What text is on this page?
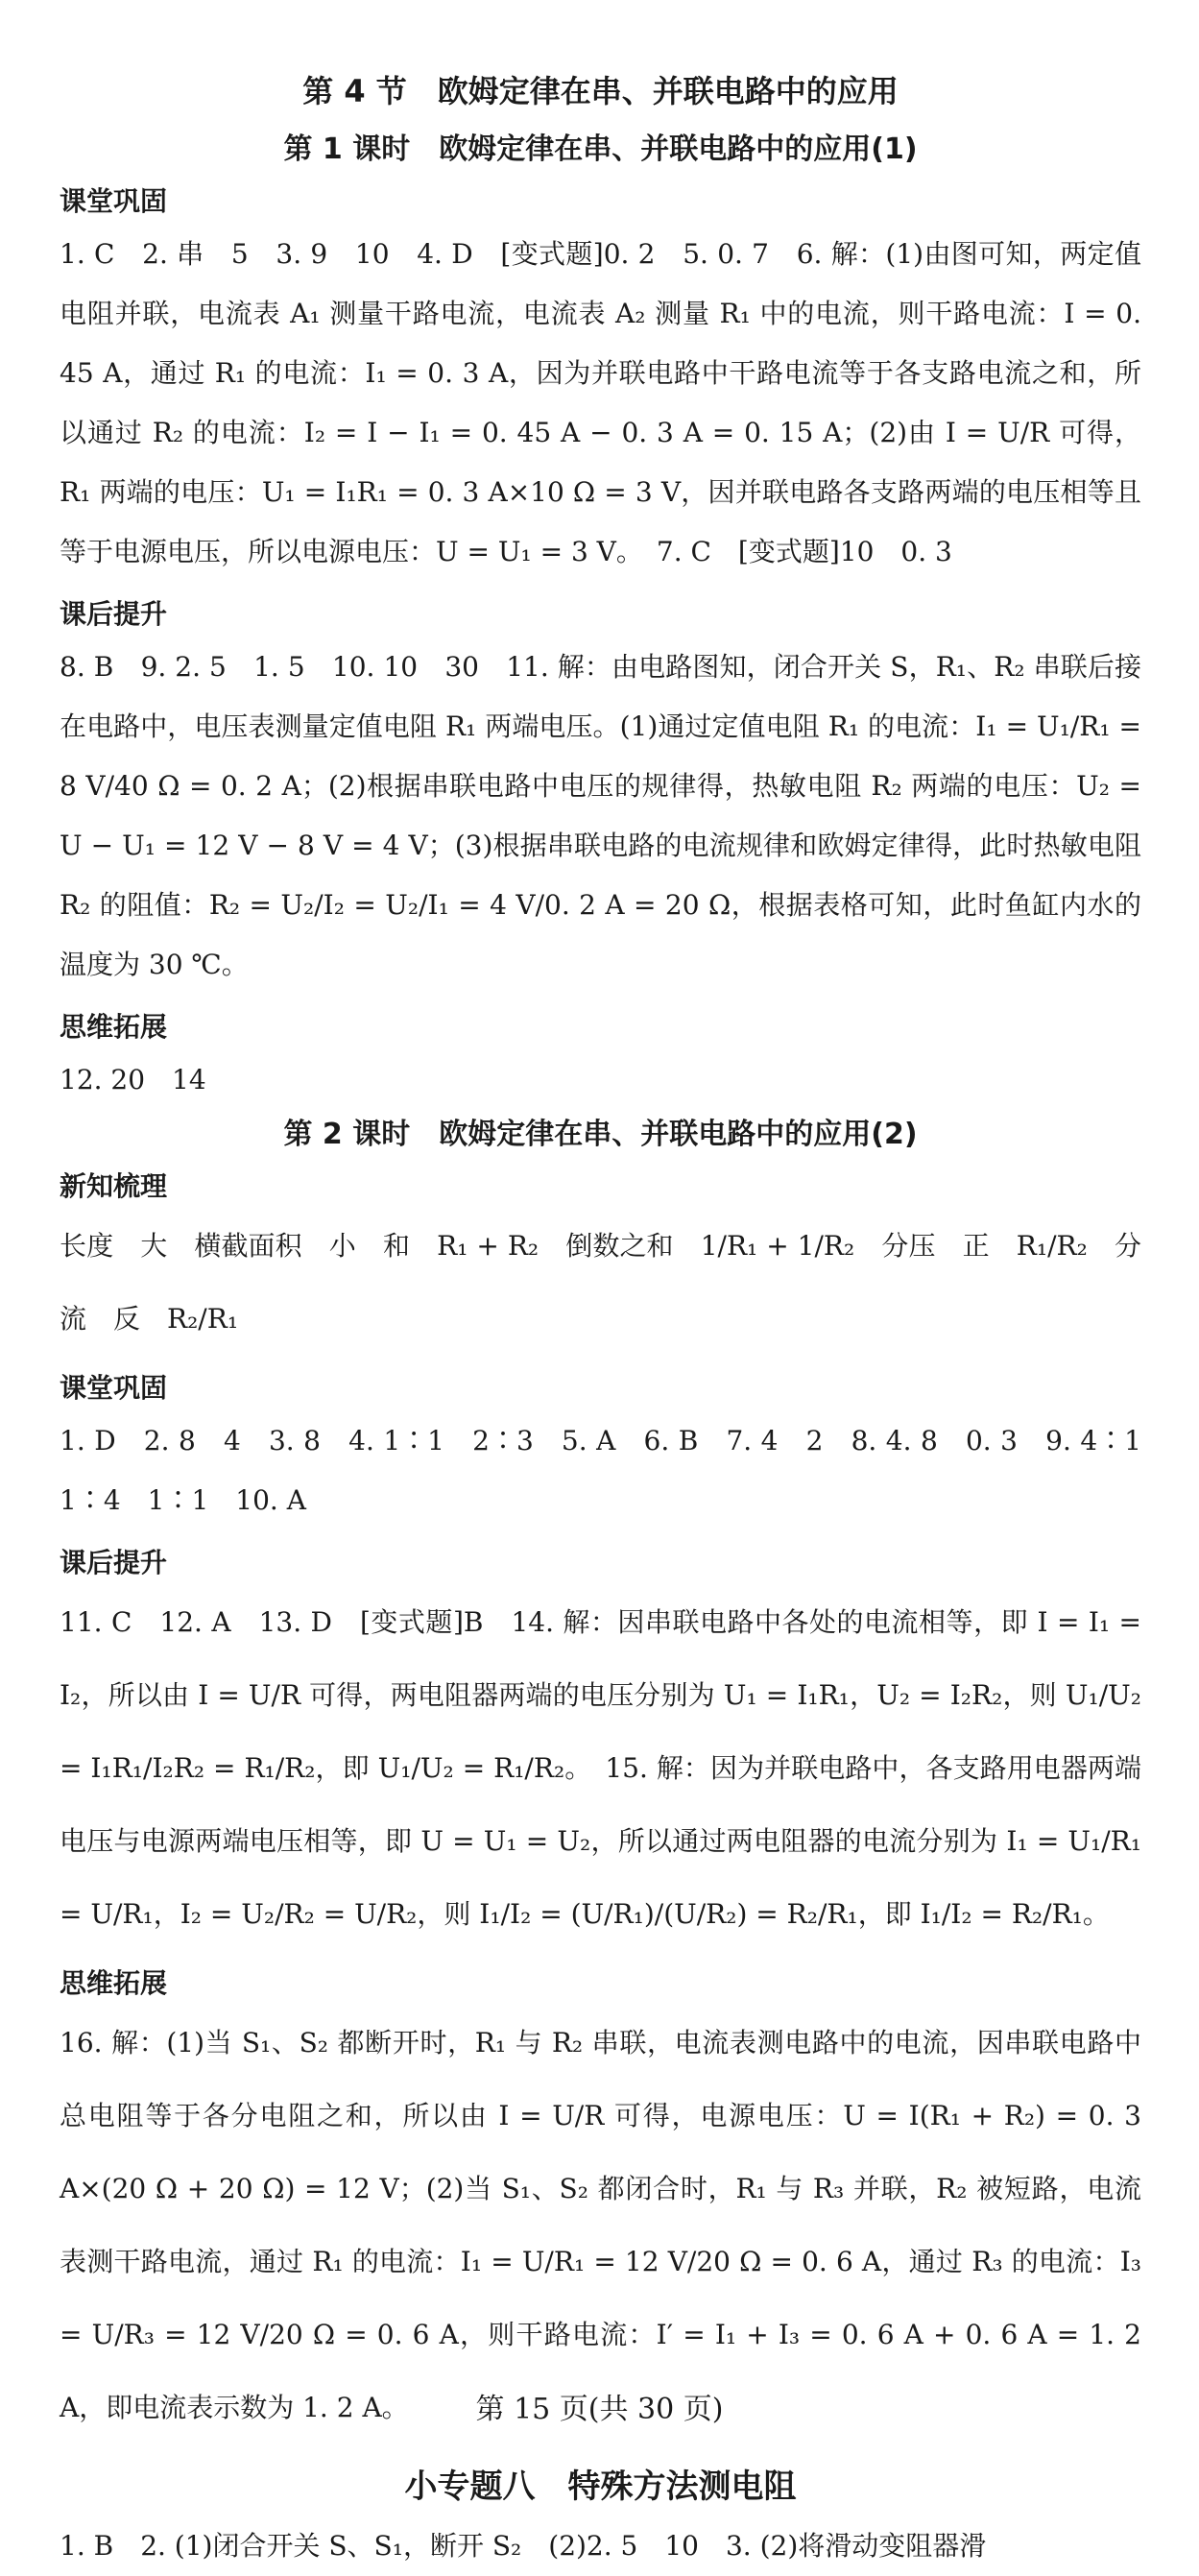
第 4 节　欧姆定律在串、并联电路中的应用
第 1 课时　欧姆定律在串、并联电路中的应用(1)
课堂巩固

1. C　2. 串　5　3. 9　10　4. D　[变式题]0. 2　5. 0. 7　6. 解：(1)由图可知，两定值电阻并联，电流表 A₁ 测量干路电流，电流表 A₂ 测量 R₁ 中的电流，则干路电流：I = 0. 45 A，通过 R₁ 的电流：I₁ = 0. 3 A，因为并联电路中干路电流等于各支路电流之和，所以通过 R₂ 的电流：I₂ = I − I₁ = 0. 45 A − 0. 3 A = 0. 15 A；(2)由 I = U/R 可得，R₁ 两端的电压：U₁ = I₁R₁ = 0. 3 A×10 Ω = 3 V，因并联电路各支路两端的电压相等且等于电源电压，所以电源电压：U = U₁ = 3 V。　7. C　[变式题]10　0. 3

课后提升

8. B　9. 2. 5　1. 5　10. 10　30　11. 解：由电路图知，闭合开关 S，R₁、R₂ 串联后接在电路中，电压表测量定值电阻 R₁ 两端电压。(1)通过定值电阻 R₁ 的电流：I₁ = U₁/R₁ = 8 V/40 Ω = 0. 2 A；(2)根据串联电路中电压的规律得，热敏电阻 R₂ 两端的电压：U₂ = U − U₁ = 12 V − 8 V = 4 V；(3)根据串联电路的电流规律和欧姆定律得，此时热敏电阻 R₂ 的阻值：R₂ = U₂/I₂ = U₂/I₁ = 4 V/0. 2 A = 20 Ω，根据表格可知，此时鱼缸内水的温度为 30 ℃。

思维拓展

12. 20　14

第 2 课时　欧姆定律在串、并联电路中的应用(2)
新知梳理

长度　大　横截面积　小　和　R₁ + R₂　倒数之和　1/R₁ + 1/R₂　分压　正　R₁/R₂　分流　反　R₂/R₁

课堂巩固

1. D　2. 8　4　3. 8　4. 1∶1　2∶3　5. A　6. B　7. 4　2　8. 4. 8　0. 3　9. 4∶1　1∶4　1∶1　10. A

课后提升

11. C　12. A　13. D　[变式题]B　14. 解：因串联电路中各处的电流相等，即 I = I₁ = I₂，所以由 I = U/R 可得，两电阻器两端的电压分别为 U₁ = I₁R₁，U₂ = I₂R₂，则 U₁/U₂ = I₁R₁/I₂R₂ = R₁/R₂，即 U₁/U₂ = R₁/R₂。　15. 解：因为并联电路中，各支路用电器两端电压与电源两端电压相等，即 U = U₁ = U₂，所以通过两电阻器的电流分别为 I₁ = U₁/R₁ = U/R₁，I₂ = U₂/R₂ = U/R₂，则 I₁/I₂ = (U/R₁)/(U/R₂) = R₂/R₁，即 I₁/I₂ = R₂/R₁。

思维拓展

16. 解：(1)当 S₁、S₂ 都断开时，R₁ 与 R₂ 串联，电流表测电路中的电流，因串联电路中总电阻等于各分电阻之和，所以由 I = U/R 可得，电源电压：U = I(R₁ + R₂) = 0. 3 A×(20 Ω + 20 Ω) = 12 V；(2)当 S₁、S₂ 都闭合时，R₁ 与 R₃ 并联，R₂ 被短路，电流表测干路电流，通过 R₁ 的电流：I₁ = U/R₁ = 12 V/20 Ω = 0. 6 A，通过 R₃ 的电流：I₃ = U/R₃ = 12 V/20 Ω = 0. 6 A，则干路电流：I′ = I₁ + I₃ = 0. 6 A + 0. 6 A = 1. 2 A，即电流表示数为 1. 2 A。

小专题八　特殊方法测电阻

1. B　2. (1)闭合开关 S、S₁，断开 S₂　(2)2. 5　10　3. (2)将滑动变阻器滑

第 15 页(共 30 页)
